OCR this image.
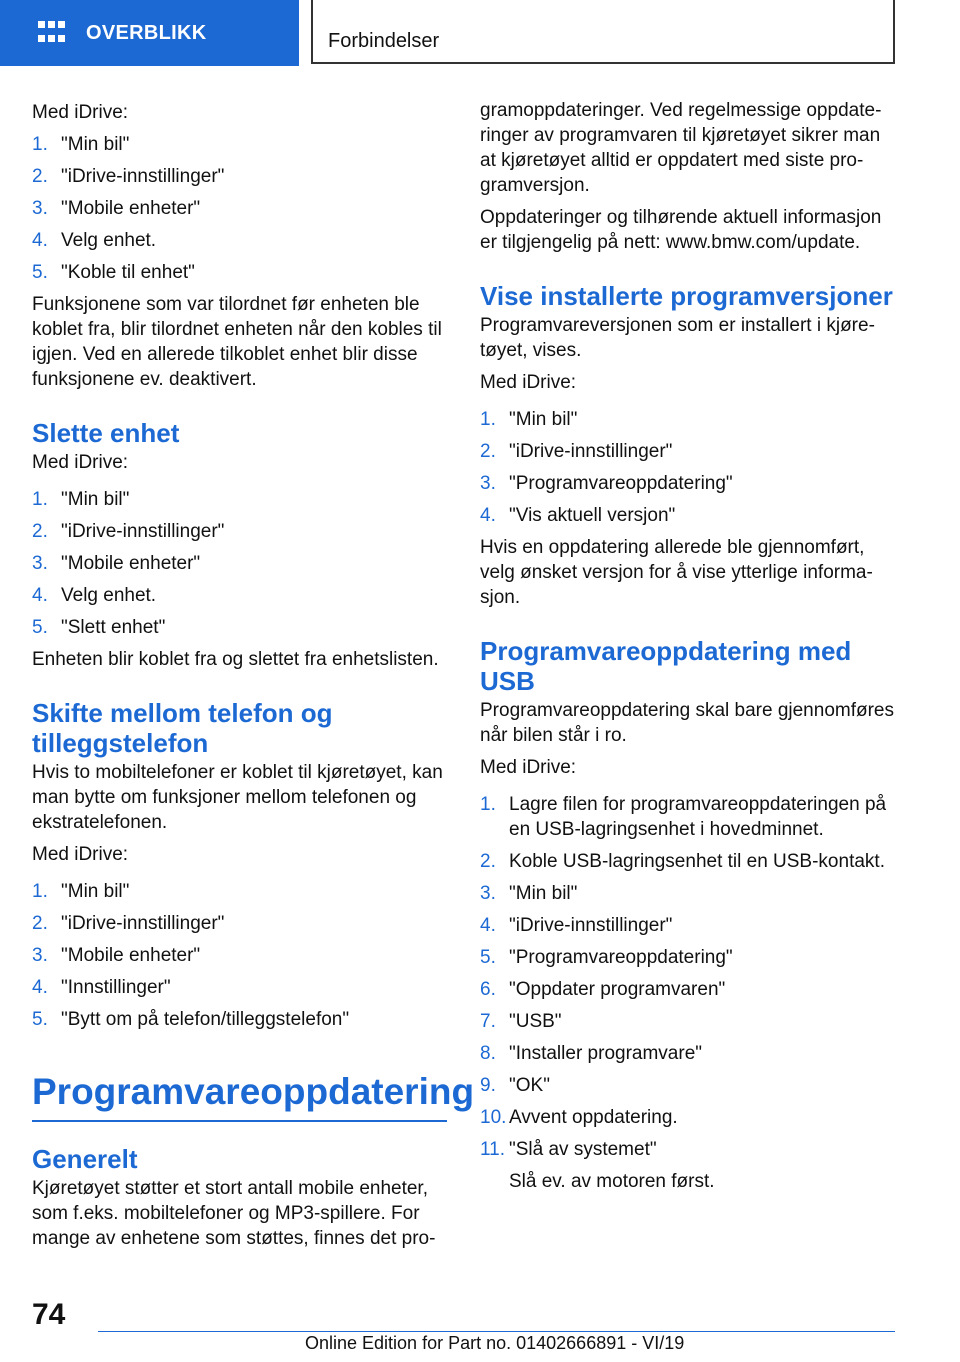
OVERBLIKK	Forbindelser

Med iDrive:

1. "Min bil"
2. "iDrive-innstillinger"
3. "Mobile enheter"
4. Velg enhet.
5. "Koble til enhet"

Funksjonene som var tilordnet før enheten ble koblet fra, blir tilordnet enheten når den kobles til igjen. Ved en allerede tilkoblet enhet blir disse funksjonene ev. deaktivert.

Slette enhet

Med iDrive:

1. "Min bil"
2. "iDrive-innstillinger"
3. "Mobile enheter"
4. Velg enhet.
5. "Slett enhet"

Enheten blir koblet fra og slettet fra enhetslisten.

Skifte mellom telefon og tilleggstelefon

Hvis to mobiltelefoner er koblet til kjøretøyet, kan man bytte om funksjoner mellom telefonen og ekstratelefonen.

Med iDrive:

1. "Min bil"
2. "iDrive-innstillinger"
3. "Mobile enheter"
4. "Innstillinger"
5. "Bytt om på telefon/tilleggstelefon"
Programvareoppdatering
Generelt

Kjøretøyet støtter et stort antall mobile enheter, som f.eks. mobiltelefoner og MP3-spillere. For mange av enhetene som støttes, finnes det pro-

gramoppdateringer. Ved regelmessige oppdateringer av programvaren til kjøretøyet sikrer man at kjøretøyet alltid er oppdatert med siste programversjon.

Oppdateringer og tilhørende aktuell informasjon er tilgjengelig på nett: www.bmw.com/update.

Vise installerte programversjoner

Programvareversjonen som er installert i kjøretøyet, vises.

Med iDrive:

1. "Min bil"
2. "iDrive-innstillinger"
3. "Programvareoppdatering"
4. "Vis aktuell versjon"

Hvis en oppdatering allerede ble gjennomført, velg ønsket versjon for å vise ytterlige informasjon.

Programvareoppdatering med USB

Programvareoppdatering skal bare gjennomføres når bilen står i ro.

Med iDrive:

1. Lagre filen for programvareoppdateringen på en USB-lagringsenhet i hovedminnet.
2. Koble USB-lagringsenhet til en USB-kontakt.
3. "Min bil"
4. "iDrive-innstillinger"
5. "Programvareoppdatering"
6. "Oppdater programvaren"
7. "USB"
8. "Installer programvare"
9. "OK"
10. Avvent oppdatering.
11. "Slå av systemet"
Slå ev. av motoren først.
74
Online Edition for Part no. 01402666891 - VI/19
